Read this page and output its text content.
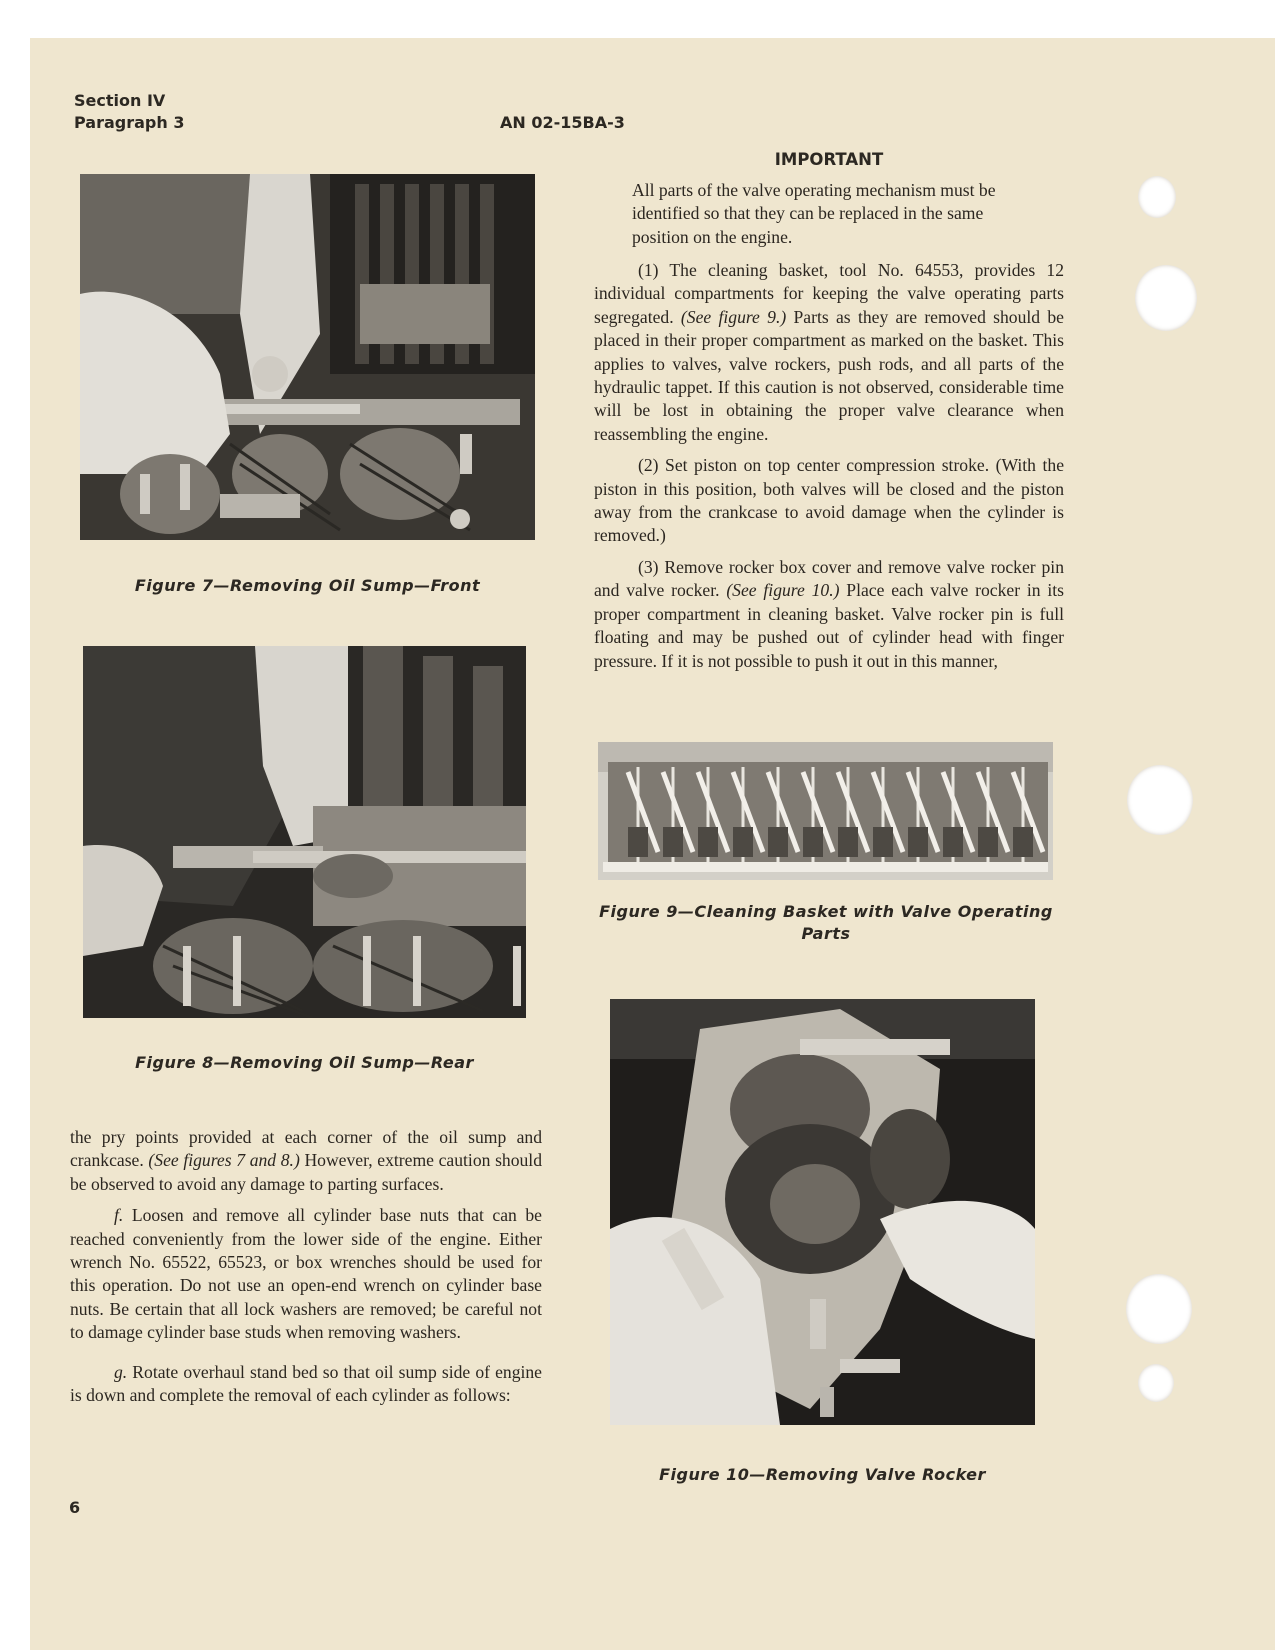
Section IV
Paragraph 3	AN 02-15BA-3
Figure 7—Removing Oil Sump—Front
Figure 8—Removing Oil Sump—Rear

the pry points provided at each corner of the oil sump and crankcase. (See figures 7 and 8.) However, extreme caution should be observed to avoid any damage to parting surfaces.

f. Loosen and remove all cylinder base nuts that can be reached conveniently from the lower side of the engine. Either wrench No. 65522, 65523, or box wrenches should be used for this operation. Do not use an open-end wrench on cylinder base nuts. Be certain that all lock washers are removed; be careful not to damage cylinder base studs when removing washers.

g. Rotate overhaul stand bed so that oil sump side of engine is down and complete the removal of each cylinder as follows:

IMPORTANT

All parts of the valve operating mechanism must be identified so that they can be replaced in the same position on the engine.

(1) The cleaning basket, tool No. 64553, provides 12 individual compartments for keeping the valve operating parts segregated. (See figure 9.) Parts as they are removed should be placed in their proper compartment as marked on the basket. This applies to valves, valve rockers, push rods, and all parts of the hydraulic tappet. If this caution is not observed, considerable time will be lost in obtaining the proper valve clearance when reassembling the engine.

(2) Set piston on top center compression stroke. (With the piston in this position, both valves will be closed and the piston away from the crankcase to avoid damage when the cylinder is removed.)

(3) Remove rocker box cover and remove valve rocker pin and valve rocker. (See figure 10.) Place each valve rocker in its proper compartment in cleaning basket. Valve rocker pin is full floating and may be pushed out of cylinder head with finger pressure. If it is not possible to push it out in this manner,

Figure 9—Cleaning Basket with Valve Operating
Parts
Figure 10—Removing Valve Rocker
6
